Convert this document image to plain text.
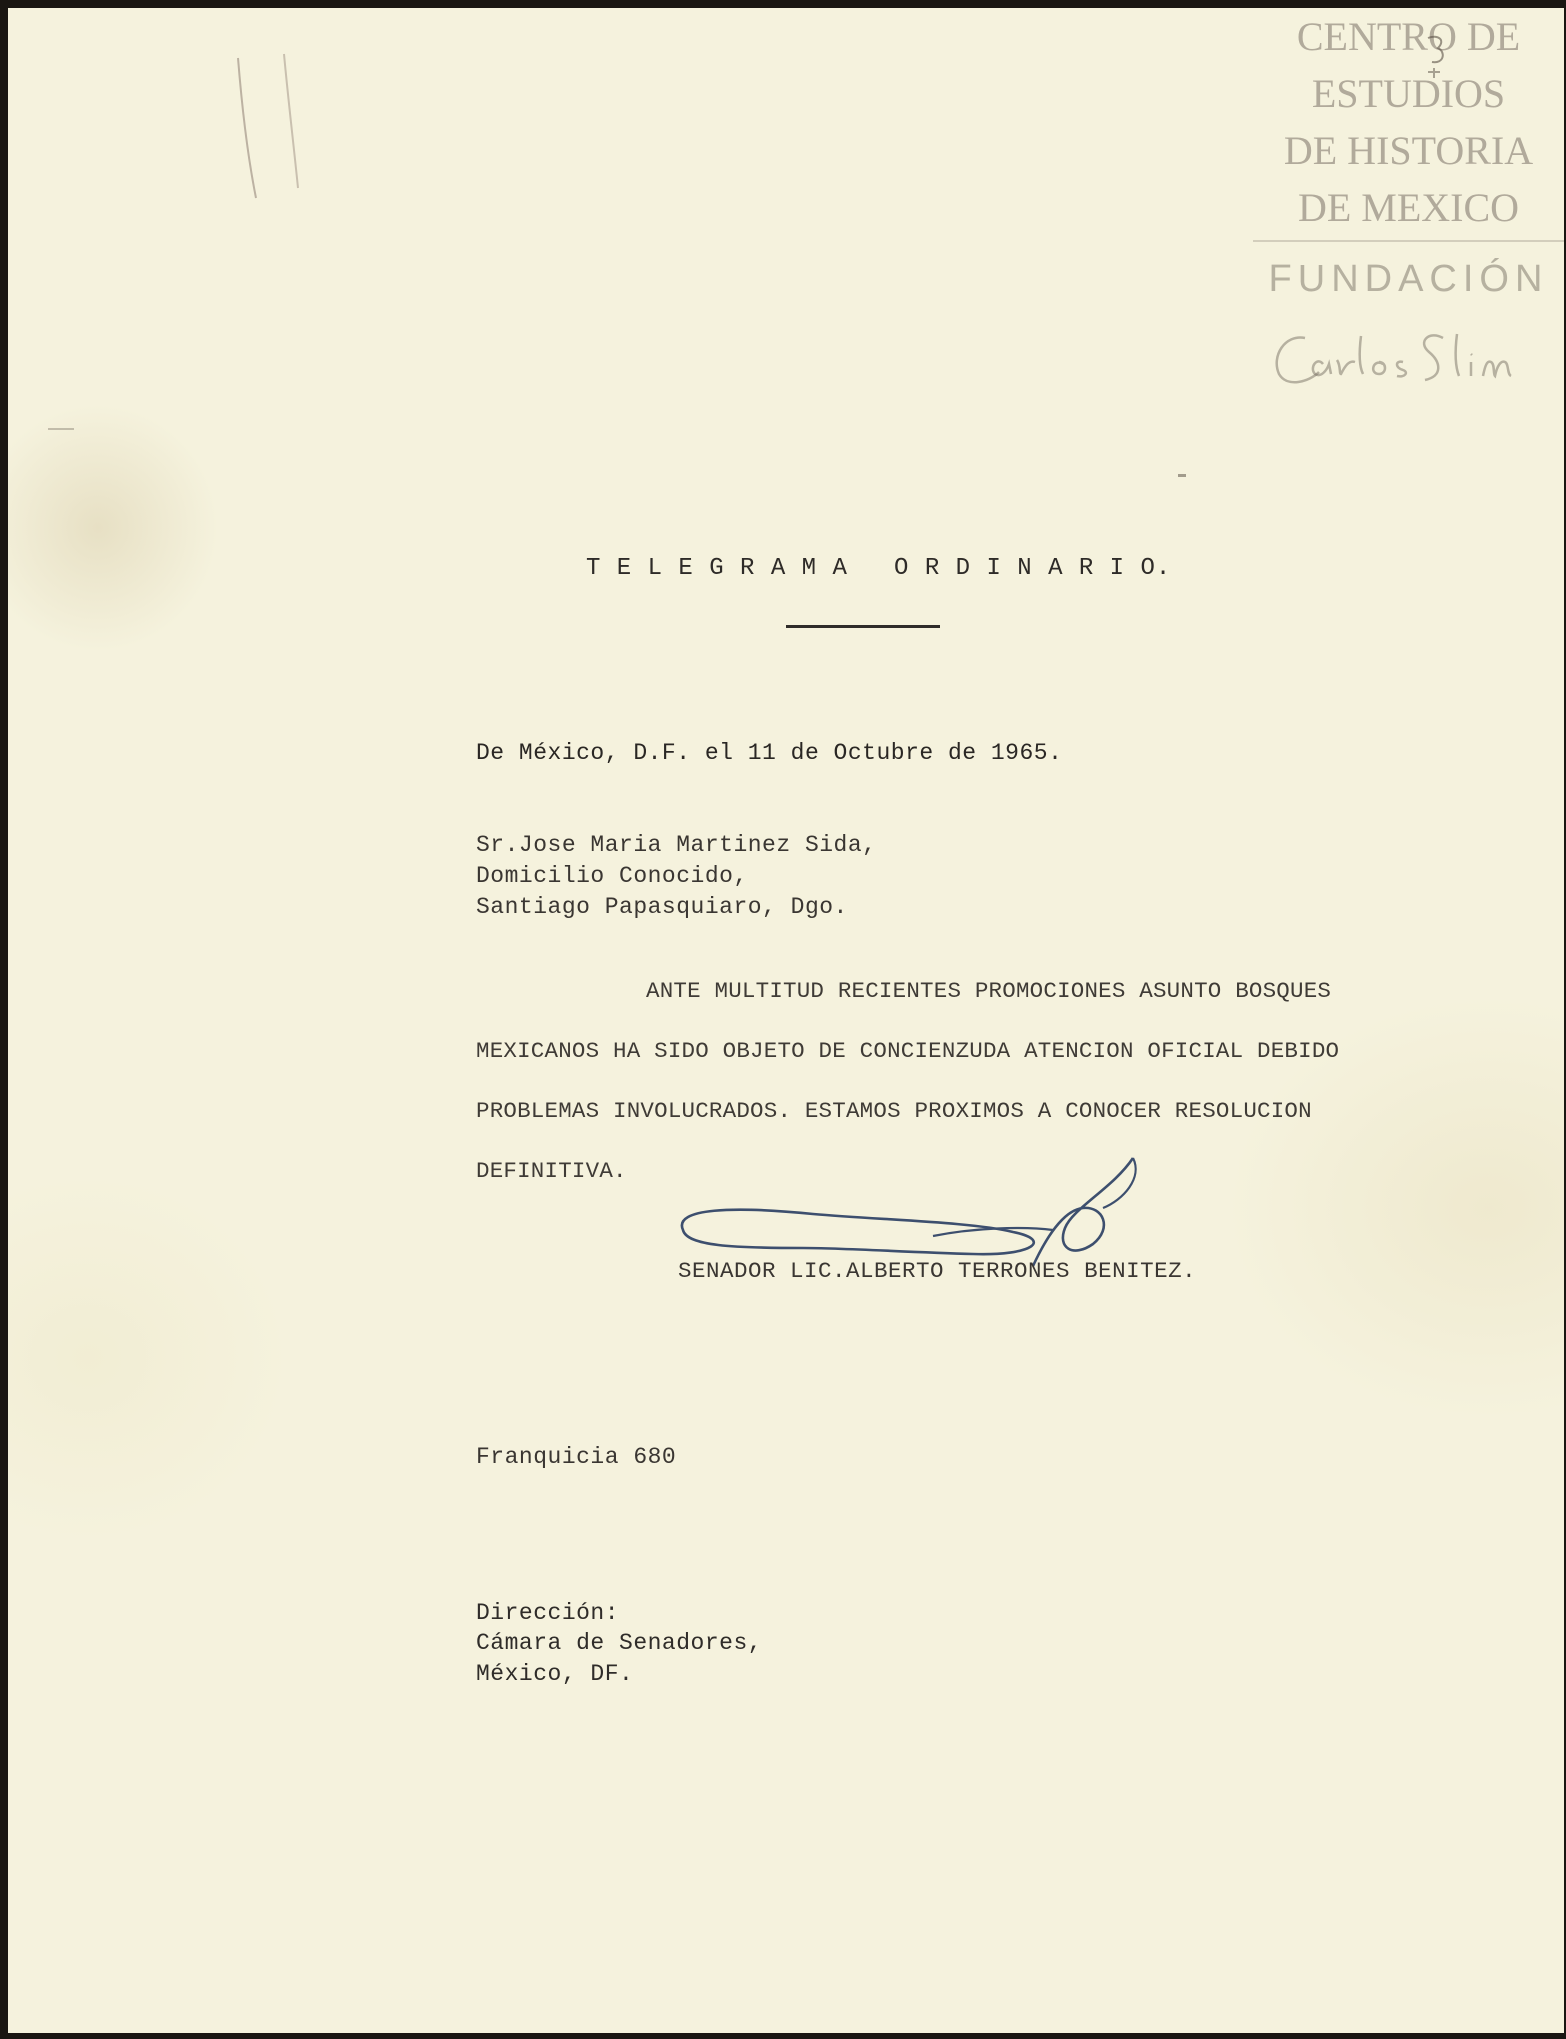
CENTRO DE
ESTUDIOS
DE HISTORIA
DE MEXICO
FUNDACIÓN
T E L E G R A M A   O R D I N A R I O.
De México, D.F. el 11 de Octubre de 1965.
Sr.Jose Maria Martinez Sida,
Domicilio Conocido,
Santiago Papasquiaro, Dgo.
ANTE MULTITUD RECIENTES PROMOCIONES ASUNTO BOSQUES
MEXICANOS HA SIDO OBJETO DE CONCIENZUDA ATENCION OFICIAL DEBIDO
PROBLEMAS INVOLUCRADOS. ESTAMOS PROXIMOS A CONOCER RESOLUCION
DEFINITIVA.
SENADOR LIC.ALBERTO TERRONES BENITEZ.
Franquicia 680
Dirección:
Cámara de Senadores,
México, DF.
